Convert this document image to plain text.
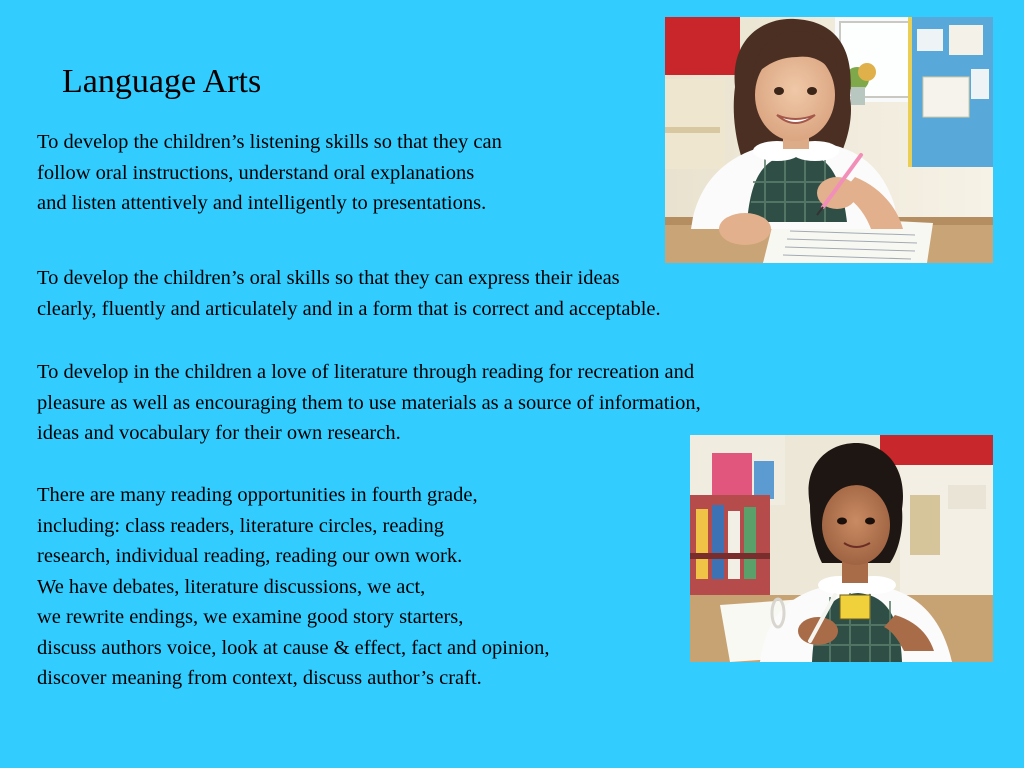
Language Arts

To develop the children’s listening skills so that they can
follow oral instructions, understand oral explanations
and listen attentively and intelligently to presentations.

To develop the children’s oral skills so that they can express their ideas
clearly, fluently and articulately and in a form that is correct and acceptable.

To develop in the children a love of literature through reading for recreation and
pleasure as well as encouraging them to use materials as a source of information,
ideas and vocabulary for their own research.

There are many reading opportunities in fourth grade,
including: class readers, literature circles, reading
research, individual reading, reading our own work.
We have debates, literature discussions, we act,
we rewrite endings, we examine good story starters,
discuss authors voice, look at cause & effect, fact and opinion,
discover meaning from context, discuss author’s craft.
